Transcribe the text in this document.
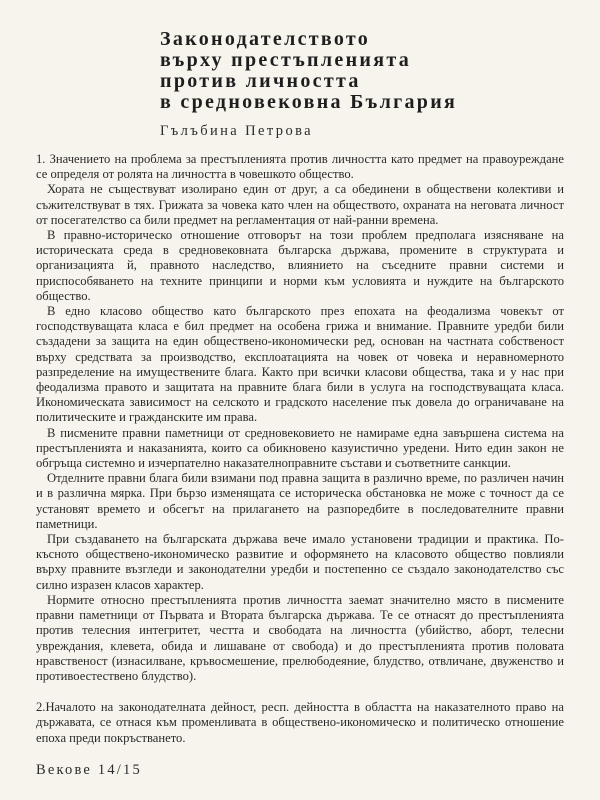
Законодателството
върху престъпленията
против личността
в средновековна България
Гълъбина Петрова

1. Значението на проблема за престъпленията против личността като предмет на правоуреждане се определя от ролята на личността в човешкото общество.

Хората не съществуват изолирано един от друг, а са обединени в обществени колективи и съжителствуват в тях. Грижата за човека като член на обществото, охраната на неговата личност от посегателство са били предмет на регламентация от най-ранни времена.

В правно-историческо отношение отговорът на този проблем предполага изясняване на историческата среда в средновековната българска държава, промените в структурата и организацията й, правното наследство, влиянието на съседните правни системи и приспособяването на техните принципи и норми към условията и нуждите на българското общество.

В едно класово общество като българското през епохата на феодализма човекът от господствуващата класа е бил предмет на особена грижа и внимание. Правните уредби били създадени за защита на един обществено-икономически ред, основан на частната собственост върху средствата за производство, експлоатацията на човек от човека и неравномерното разпределение на имуществените блага. Както при всички класови общества, така и у нас при феодализма правото и защитата на правните блага били в услуга на господствуващата класа. Икономическата зависимост на селското и градското население пък довела до ограничаване на политическите и гражданските им права.

В писмените правни паметници от средновековието не намираме една завършена система на престъпленията и наказанията, които са обикновено казуистично уредени. Нито един закон не обгръща системно и изчерпателно наказателноправните състави и съответните санкции.

Отделните правни блага били взимани под правна защита в различно време, по различен начин и в различна мярка. При бързо изменящата се историческа обстановка не може с точност да се установят времето и обсегът на прилагането на разпоредбите в последователните правни паметници.

При създаването на българската държава вече имало установени традиции и практика. По-късното обществено-икономическо развитие и оформянето на класовото общество повлияли върху правните възгледи и законодателни уредби и постепенно се създало законодателство със силно изразен класов характер.

Нормите относно престъпленията против личността заемат значително място в писмените правни паметници от Първата и Втората българска държава. Те се отнасят до престъпленията против телесния интегритет, честта и свободата на личността (убийство, аборт, телесни увреждания, клевета, обида и лишаване от свобода) и до престъпленията против половата нравственост (изнасилване, кръвосмешение, прелюбодеяние, блудство, отвличане, двуженство и противоестествено блудство).

2.Началото на законодателната дейност, респ. дейността в областта на наказателното право на държавата, се отнася към променливата в обществено-икономическо и политическо отношение епоха преди покръстването.

Векове 14/15
